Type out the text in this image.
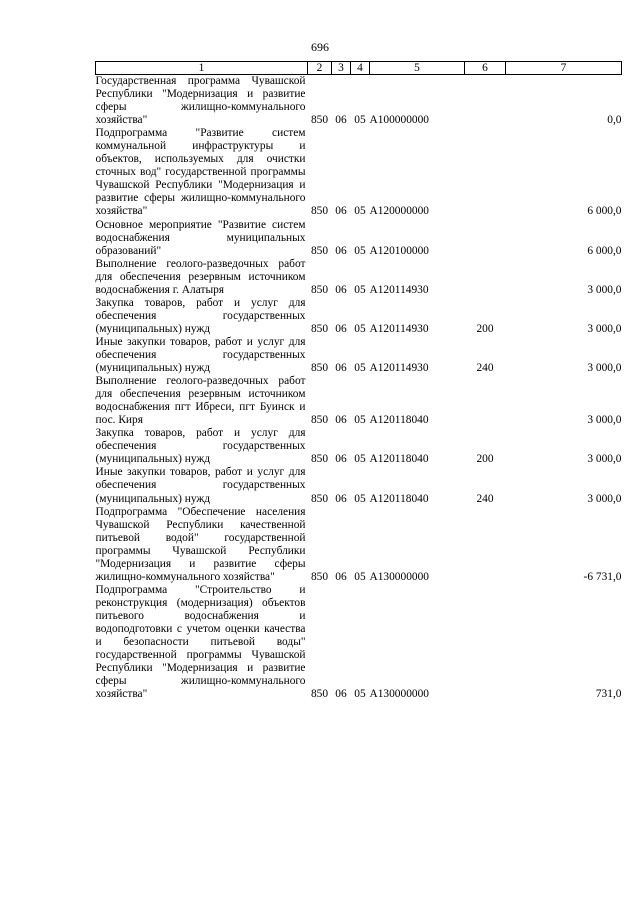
696
1	2	3	4	5	6	7
Государственная программа Чувашской Республики "Модернизация и развитие сферы жилищно-коммунального хозяйства"	850	06	05	А100000000		0,0
Подпрограмма "Развитие систем коммунальной инфраструктуры и объектов, используемых для очистки сточных вод" государственной программы Чувашской Республики "Модернизация и развитие сферы жилищно-коммунального хозяйства"	850	06	05	А120000000		6 000,0
Основное мероприятие "Развитие систем водоснабжения муниципальных образований"	850	06	05	А120100000		6 000,0
Выполнение геолого-разведочных работ для обеспечения резервным источником водоснабжения г. Алатыря	850	06	05	А120114930		3 000,0
Закупка товаров, работ и услуг для обеспечения государственных (муниципальных) нужд	850	06	05	А120114930	200	3 000,0
Иные закупки товаров, работ и услуг для обеспечения государственных (муниципальных) нужд	850	06	05	А120114930	240	3 000,0
Выполнение геолого-разведочных работ для обеспечения резервным источником водоснабжения пгт Ибреси, пгт Буинск и пос. Киря	850	06	05	А120118040		3 000,0
Закупка товаров, работ и услуг для обеспечения государственных (муниципальных) нужд	850	06	05	А120118040	200	3 000,0
Иные закупки товаров, работ и услуг для обеспечения государственных (муниципальных) нужд	850	06	05	А120118040	240	3 000,0
Подпрограмма "Обеспечение населения Чувашской Республики качественной питьевой водой" государственной программы Чувашской Республики "Модернизация и развитие сферы жилищно-коммунального хозяйства"	850	06	05	А130000000		-6 731,0
Подпрограмма "Строительство и реконструкция (модернизация) объектов питьевого водоснабжения и водоподготовки с учетом оценки качества и безопасности питьевой воды" государственной программы Чувашской Республики "Модернизация и развитие сферы жилищно-коммунального хозяйства"	850	06	05	А130000000		731,0
